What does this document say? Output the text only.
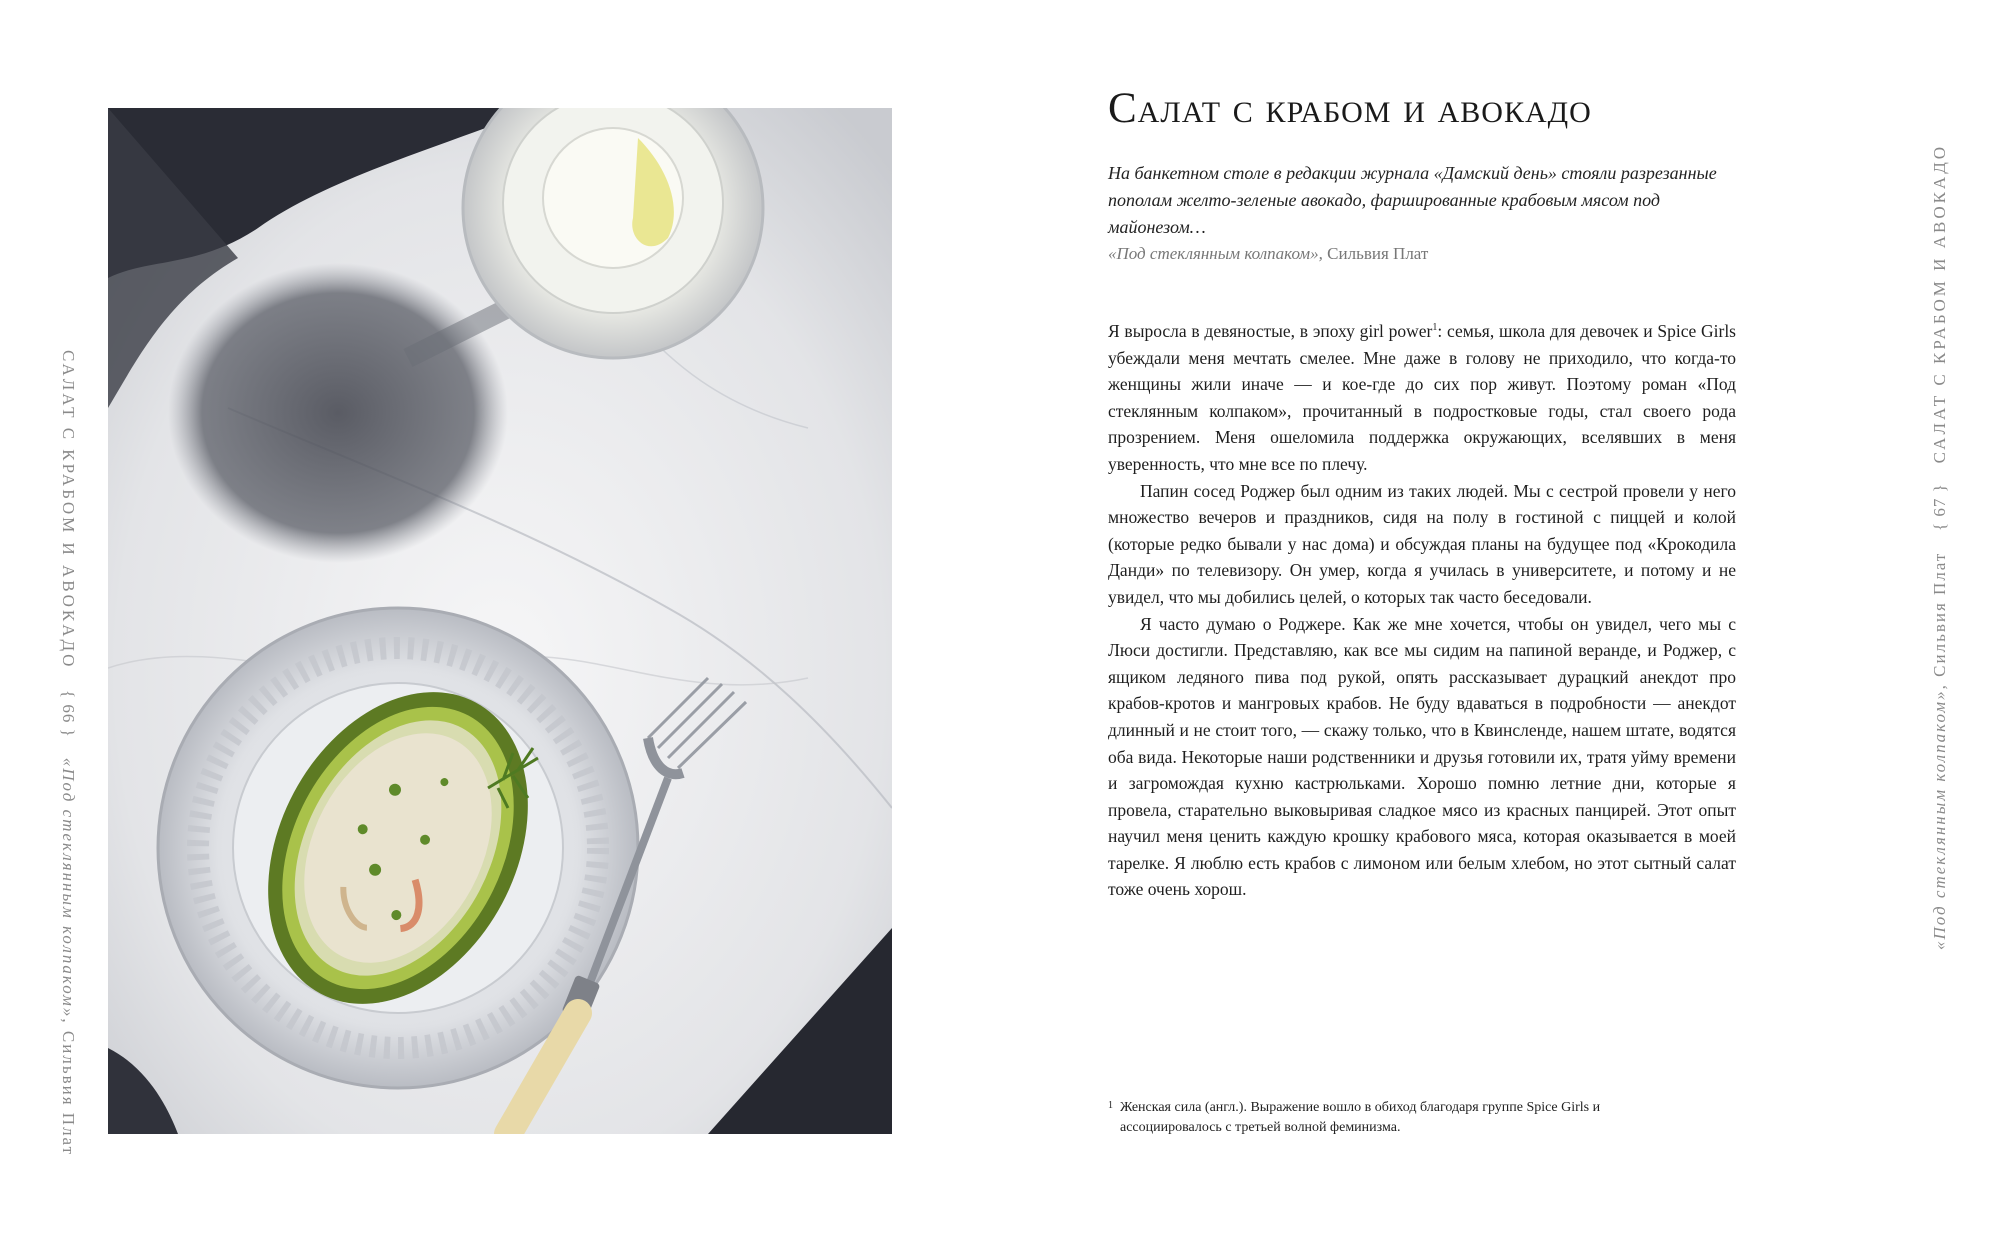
САЛАТ С КРАБОМ И АВОКАДО { 66 } «Под стеклянным колпаком», Сильвия Плат
Салат с крабом и авокадо
На банкетном столе в редакции журнала «Дамский день» стояли разрезанные пополам желто-зеленые авокадо, фаршированные крабовым мясом под майонезом…
«Под стеклянным колпаком», Сильвия Плат

Я выросла в девяностые, в эпоху girl power$^1$: семья, школа для девочек и Spice Girls убеждали меня мечтать смелее. Мне даже в голову не приходило, что когда-то женщины жили иначе — и кое-где до сих пор живут. Поэтому роман «Под стеклянным колпаком», прочитанный в подростковые годы, стал своего рода прозрением. Меня ошеломила поддержка окружающих, вселявших в меня уверенность, что мне все по плечу.

Папин сосед Роджер был одним из таких людей. Мы с сестрой провели у него множество вечеров и праздников, сидя на полу в гостиной с пиццей и колой (которые редко бывали у нас дома) и обсуждая планы на будущее под «Крокодила Данди» по телевизору. Он умер, когда я училась в университете, и потому и не увидел, что мы добились целей, о которых так часто беседовали.

Я часто думаю о Роджере. Как же мне хочется, чтобы он увидел, чего мы с Люси достигли. Представляю, как все мы сидим на папиной веранде, и Роджер, с ящиком ледяного пива под рукой, опять рассказывает дурацкий анекдот про крабов-кротов и мангровых крабов. Не буду вдаваться в подробности — анекдот длинный и не стоит того, — скажу только, что в Квинсленде, нашем штате, водятся оба вида. Некоторые наши родственники и друзья готовили их, тратя уйму времени и загромождая кухню кастрюльками. Хорошо помню летние дни, которые я провела, старательно выковыривая сладкое мясо из красных панцирей. Этот опыт научил меня ценить каждую крошку крабового мяса, которая оказывается в моей тарелке. Я люблю есть крабов с лимоном или белым хлебом, но этот сытный салат тоже очень хорош.

1 Женская сила (англ.). Выражение вошло в обиход благодаря группе Spice Girls и ассоциировалось с третьей волной феминизма.
«Под стеклянным колпаком», Сильвия Плат { 67 } САЛАТ С КРАБОМ И АВОКАДО
